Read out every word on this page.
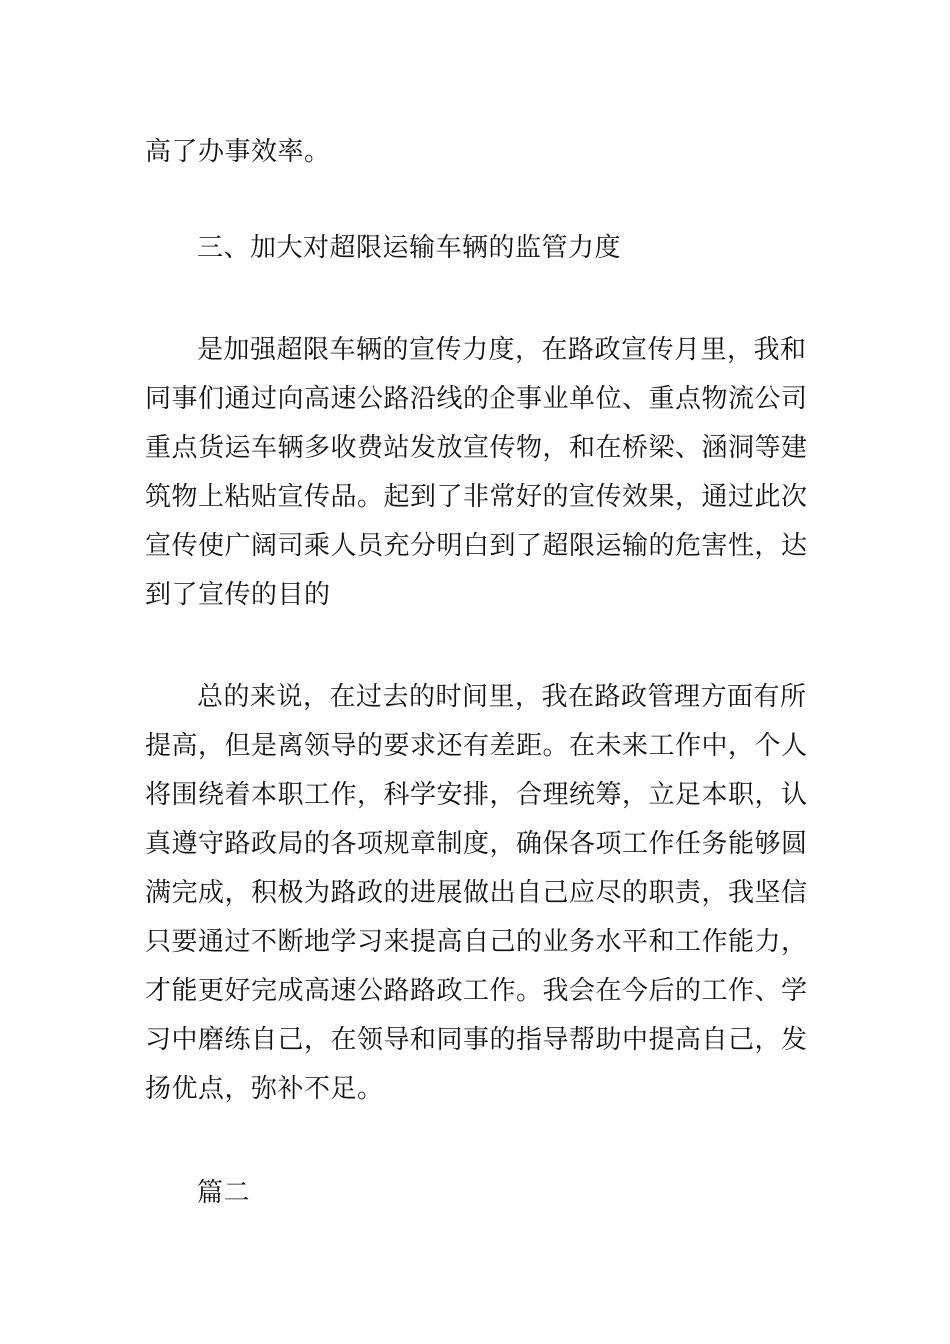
高了办事效率。
三、加大对超限运输车辆的监管力度
是加强超限车辆的宣传力度，在路政宣传月里，我和
同事们通过向高速公路沿线的企事业单位、重点物流公司
重点货运车辆多收费站发放宣传物，和在桥梁、涵洞等建
筑物上粘贴宣传品。起到了非常好的宣传效果，通过此次
宣传使广阔司乘人员充分明白到了超限运输的危害性，达
到了宣传的目的
总的来说，在过去的时间里，我在路政管理方面有所
提高，但是离领导的要求还有差距。在未来工作中，个人
将围绕着本职工作，科学安排，合理统筹，立足本职，认
真遵守路政局的各项规章制度，确保各项工作任务能够圆
满完成，积极为路政的进展做出自己应尽的职责，我坚信
只要通过不断地学习来提高自己的业务水平和工作能力，
才能更好完成高速公路路政工作。我会在今后的工作、学
习中磨练自己，在领导和同事的指导帮助中提高自己，发
扬优点，弥补不足。
篇二
